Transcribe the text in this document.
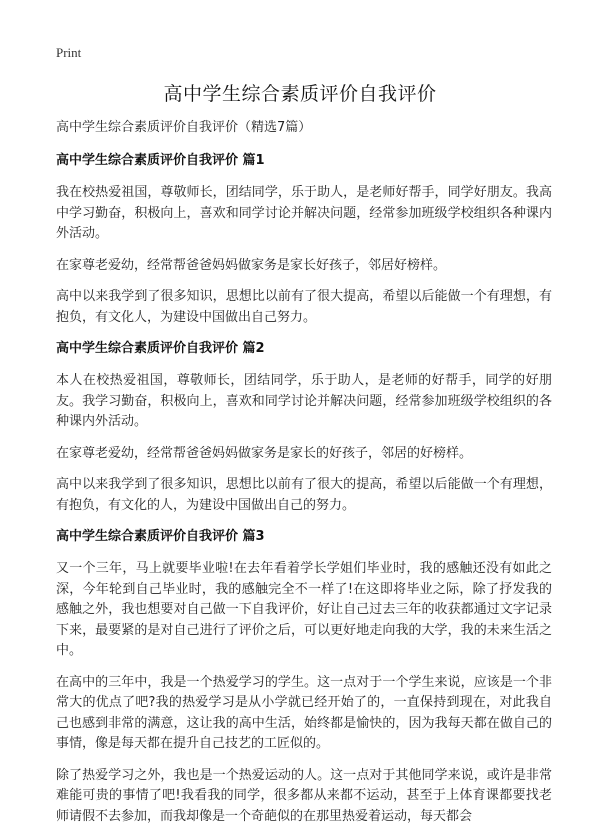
Print
高中学生综合素质评价自我评价

高中学生综合素质评价自我评价（精选7篇）

高中学生综合素质评价自我评价 篇1

我在校热爱祖国，尊敬师长，团结同学，乐于助人，是老师好帮手，同学好朋友。我高中学习勤奋，积极向上，喜欢和同学讨论并解决问题，经常参加班级学校组织各种课内外活动。

在家尊老爱幼，经常帮爸爸妈妈做家务是家长好孩子，邻居好榜样。

高中以来我学到了很多知识，思想比以前有了很大提高，希望以后能做一个有理想，有抱负，有文化人，为建设中国做出自己努力。

高中学生综合素质评价自我评价 篇2

本人在校热爱祖国，尊敬师长，团结同学，乐于助人，是老师的好帮手，同学的好朋友。我学习勤奋，积极向上，喜欢和同学讨论并解决问题，经常参加班级学校组织的各种课内外活动。

在家尊老爱幼，经常帮爸爸妈妈做家务是家长的好孩子，邻居的好榜样。

高中以来我学到了很多知识，思想比以前有了很大的提高，希望以后能做一个有理想，有抱负，有文化的人，为建设中国做出自己的努力。

高中学生综合素质评价自我评价 篇3

又一个三年，马上就要毕业啦!在去年看着学长学姐们毕业时，我的感触还没有如此之深，今年轮到自己毕业时，我的感触完全不一样了!在这即将毕业之际，除了抒发我的感触之外，我也想要对自己做一下自我评价，好让自己过去三年的收获都通过文字记录下来，最要紧的是对自己进行了评价之后，可以更好地走向我的大学，我的未来生活之中。

在高中的三年中，我是一个热爱学习的学生。这一点对于一个学生来说，应该是一个非常大的优点了吧?我的热爱学习是从小学就已经开始了的，一直保持到现在，对此我自己也感到非常的满意，这让我的高中生活，始终都是愉快的，因为我每天都在做自己的事情，像是每天都在提升自己技艺的工匠似的。

除了热爱学习之外，我也是一个热爱运动的人。这一点对于其他同学来说，或许是非常难能可贵的事情了吧!我看我的同学，很多都从来都不运动，甚至于上体育课都要找老师请假不去参加，而我却像是一个奇葩似的在那里热爱着运动，每天都会
